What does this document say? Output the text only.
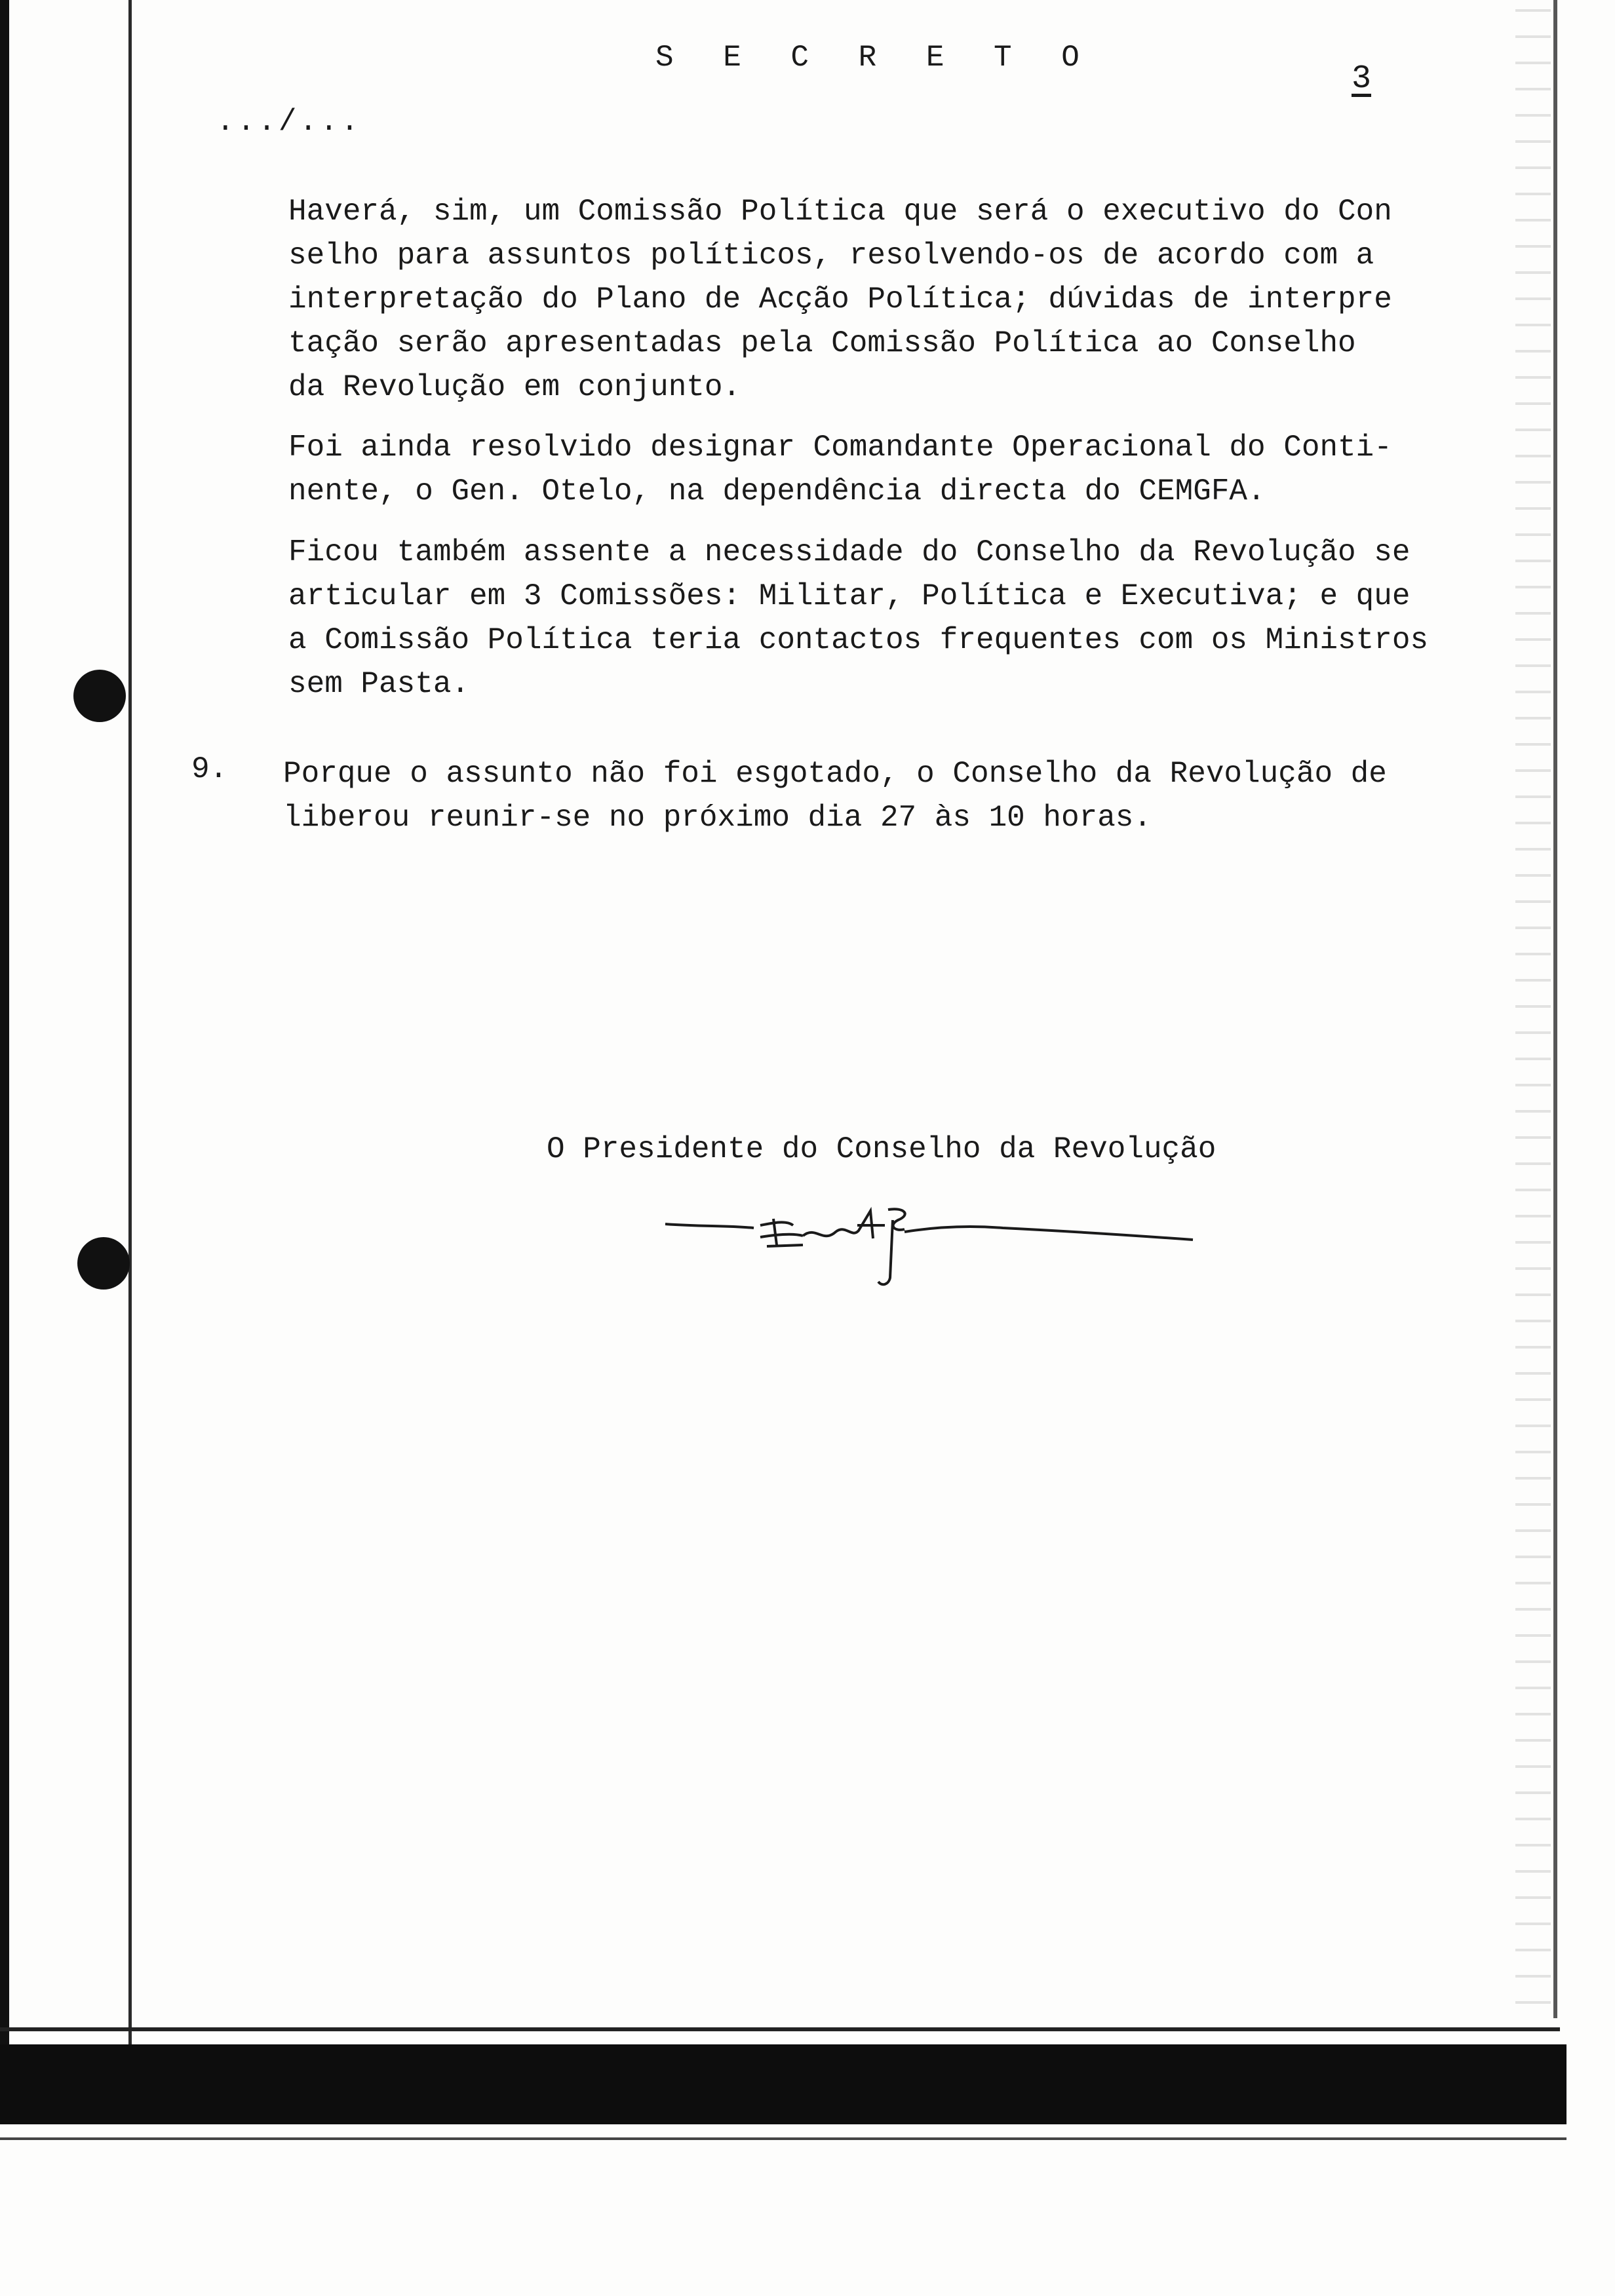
S E C R E T O
3
.../...
Haverá, sim, um Comissão Política que será o executivo do Con
selho para assuntos políticos, resolvendo-os de acordo com a
interpretação do Plano de Acção Política; dúvidas de interpre
tação serão apresentadas pela Comissão Política ao Conselho
da Revolução em conjunto.
Foi ainda resolvido designar Comandante Operacional do Conti-
nente, o Gen. Otelo, na dependência directa do CEMGFA.
Ficou também assente a necessidade do Conselho da Revolução se
articular em 3 Comissões: Militar, Política e Executiva; e que
a Comissão Política teria contactos frequentes com os Ministros
sem Pasta.
9. Porque o assunto não foi esgotado, o Conselho da Revolução de
liberou reunir-se no próximo dia 27 às 10 horas.
O Presidente do Conselho da Revolução
